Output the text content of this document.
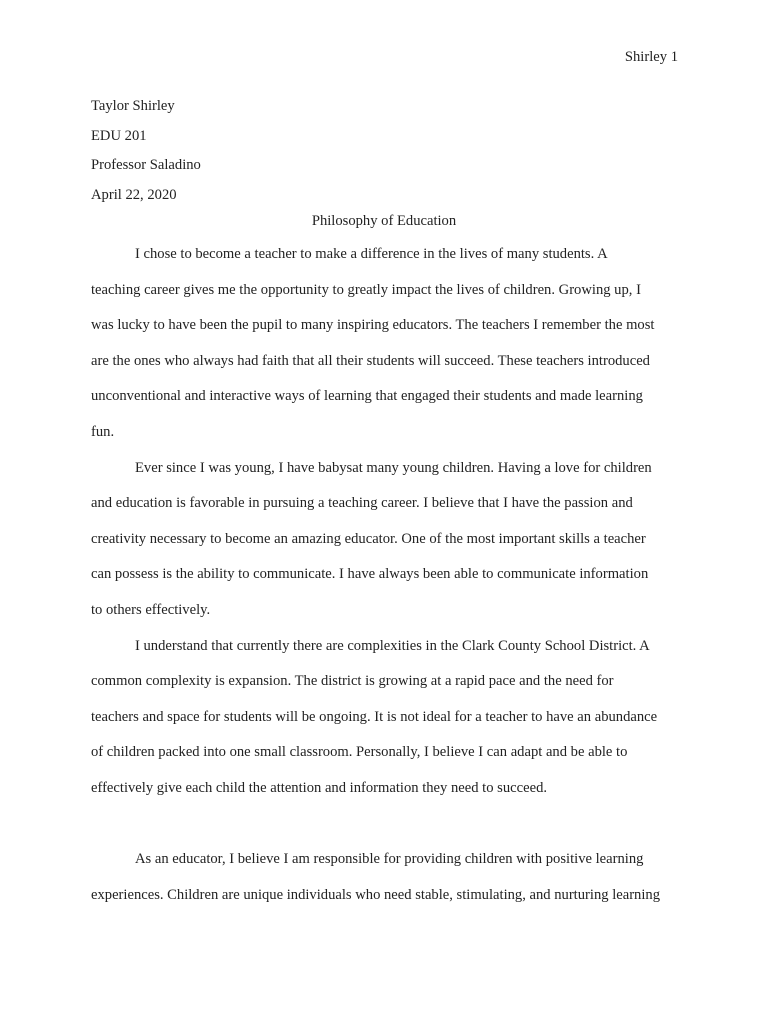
Shirley 1
Taylor Shirley
EDU 201
Professor Saladino
April 22, 2020
Philosophy of Education

I chose to become a teacher to make a difference in the lives of many students. A
teaching career gives me the opportunity to greatly impact the lives of children. Growing up, I
was lucky to have been the pupil to many inspiring educators. The teachers I remember the most
are the ones who always had faith that all their students will succeed. These teachers introduced
unconventional and interactive ways of learning that engaged their students and made learning
fun.

Ever since I was young, I have babysat many young children. Having a love for children
and education is favorable in pursuing a teaching career. I believe that I have the passion and
creativity necessary to become an amazing educator. One of the most important skills a teacher
can possess is the ability to communicate. I have always been able to communicate information
to others effectively.

I understand that currently there are complexities in the Clark County School District. A
common complexity is expansion. The district is growing at a rapid pace and the need for
teachers and space for students will be ongoing. It is not ideal for a teacher to have an abundance
of children packed into one small classroom. Personally, I believe I can adapt and be able to
effectively give each child the attention and information they need to succeed.

As an educator, I believe I am responsible for providing children with positive learning
experiences. Children are unique individuals who need stable, stimulating, and nurturing learning
